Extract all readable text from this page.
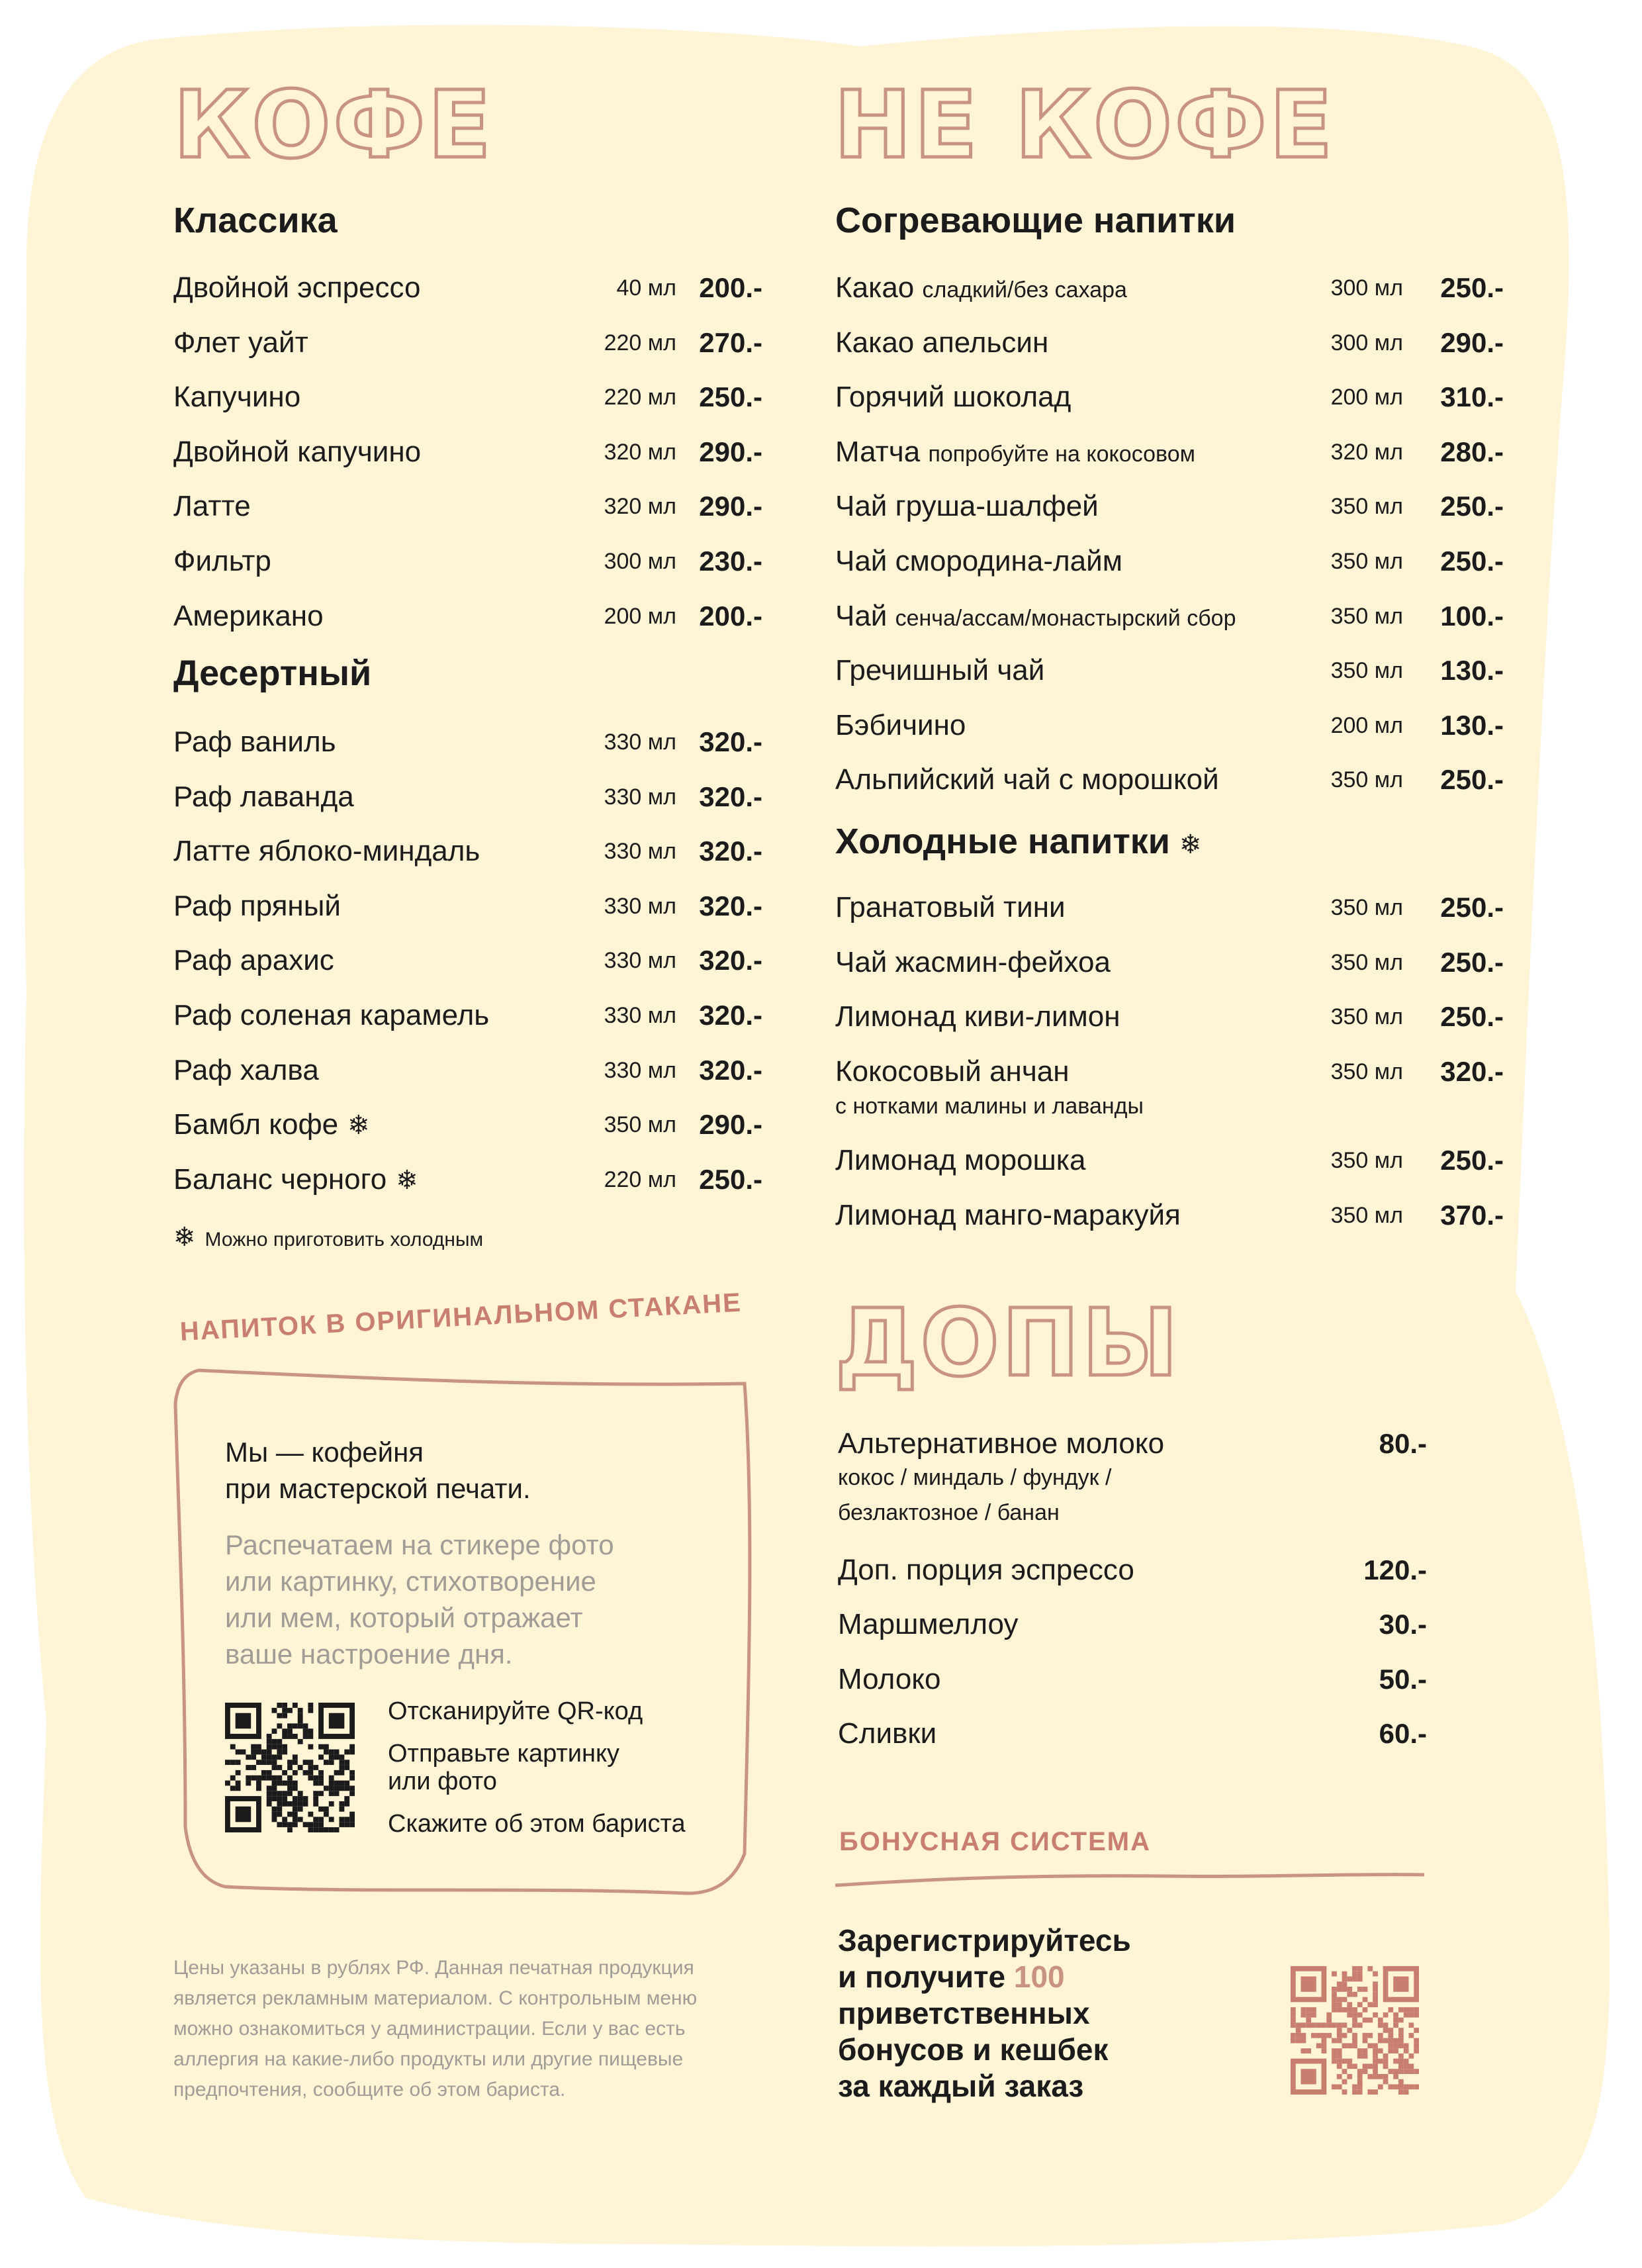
КОФЕ
Классика
Двойной эспрессо	40 мл 200.-
Флет уайт	220 мл 270.-
Капучино	220 мл 250.-
Двойной капучино	320 мл 290.-
Латте	320 мл 290.-
Фильтр	300 мл 230.-
Американо	200 мл 200.-
Десертный
Раф ваниль	330 мл 320.-
Раф лаванда	330 мл 320.-
Латте яблоко-миндаль	330 мл 320.-
Раф пряный	330 мл 320.-
Раф арахис	330 мл 320.-
Раф соленая карамель	330 мл 320.-
Раф халва	330 мл 320.-
Бамбл кофе ❄	350 мл 290.-
Баланс черного ❄	220 мл 250.-
❄ Можно приготовить холодным
НАПИТОК В ОРИГИНАЛЬНОМ СТАКАНЕ
Мы — кофейня
при мастерской печати.
Распечатаем на стикере фото
или картинку, стихотворение
или мем, который отражает
ваше настроение дня.
Отсканируйте QR-код
Отправьте картинку
или фото
Скажите об этом бариста
Цены указаны в рублях РФ. Данная печатная продукция
является рекламным материалом. С контрольным меню
можно ознакомиться у администрации. Если у вас есть
аллергия на какие-либо продукты или другие пищевые
предпочтения, сообщите об этом бариста.
НЕ КОФЕ
Согревающие напитки
Какао сладкий/без сахара	300 мл 250.-
Какао апельсин	300 мл 290.-
Горячий шоколад	200 мл 310.-
Матча попробуйте на кокосовом	320 мл 280.-
Чай груша-шалфей	350 мл 250.-
Чай смородина-лайм	350 мл 250.-
Чай сенча/ассам/монастырский сбор	350 мл 100.-
Гречишный чай	350 мл 130.-
Бэбичино	200 мл 130.-
Альпийский чай с морошкой	350 мл 250.-
Холодные напитки ❄
Гранатовый тини	350 мл 250.-
Чай жасмин-фейхоа	350 мл 250.-
Лимонад киви-лимон	350 мл 250.-
Кокосовый анчан	350 мл 320.-
с нотками малины и лаванды
Лимонад морошка	350 мл 250.-
Лимонад манго-маракуйя	350 мл 370.-
ДОПЫ
Альтернативное молоко	80.-
кокос / миндаль / фундук /
безлактозное / банан
Доп. порция эспрессо	120.-
Маршмеллоу	30.-
Молоко	50.-
Сливки	60.-
БОНУСНАЯ СИСТЕМА
Зарегистрируйтесь
и получите 100
приветственных
бонусов и кешбек
за каждый заказ
